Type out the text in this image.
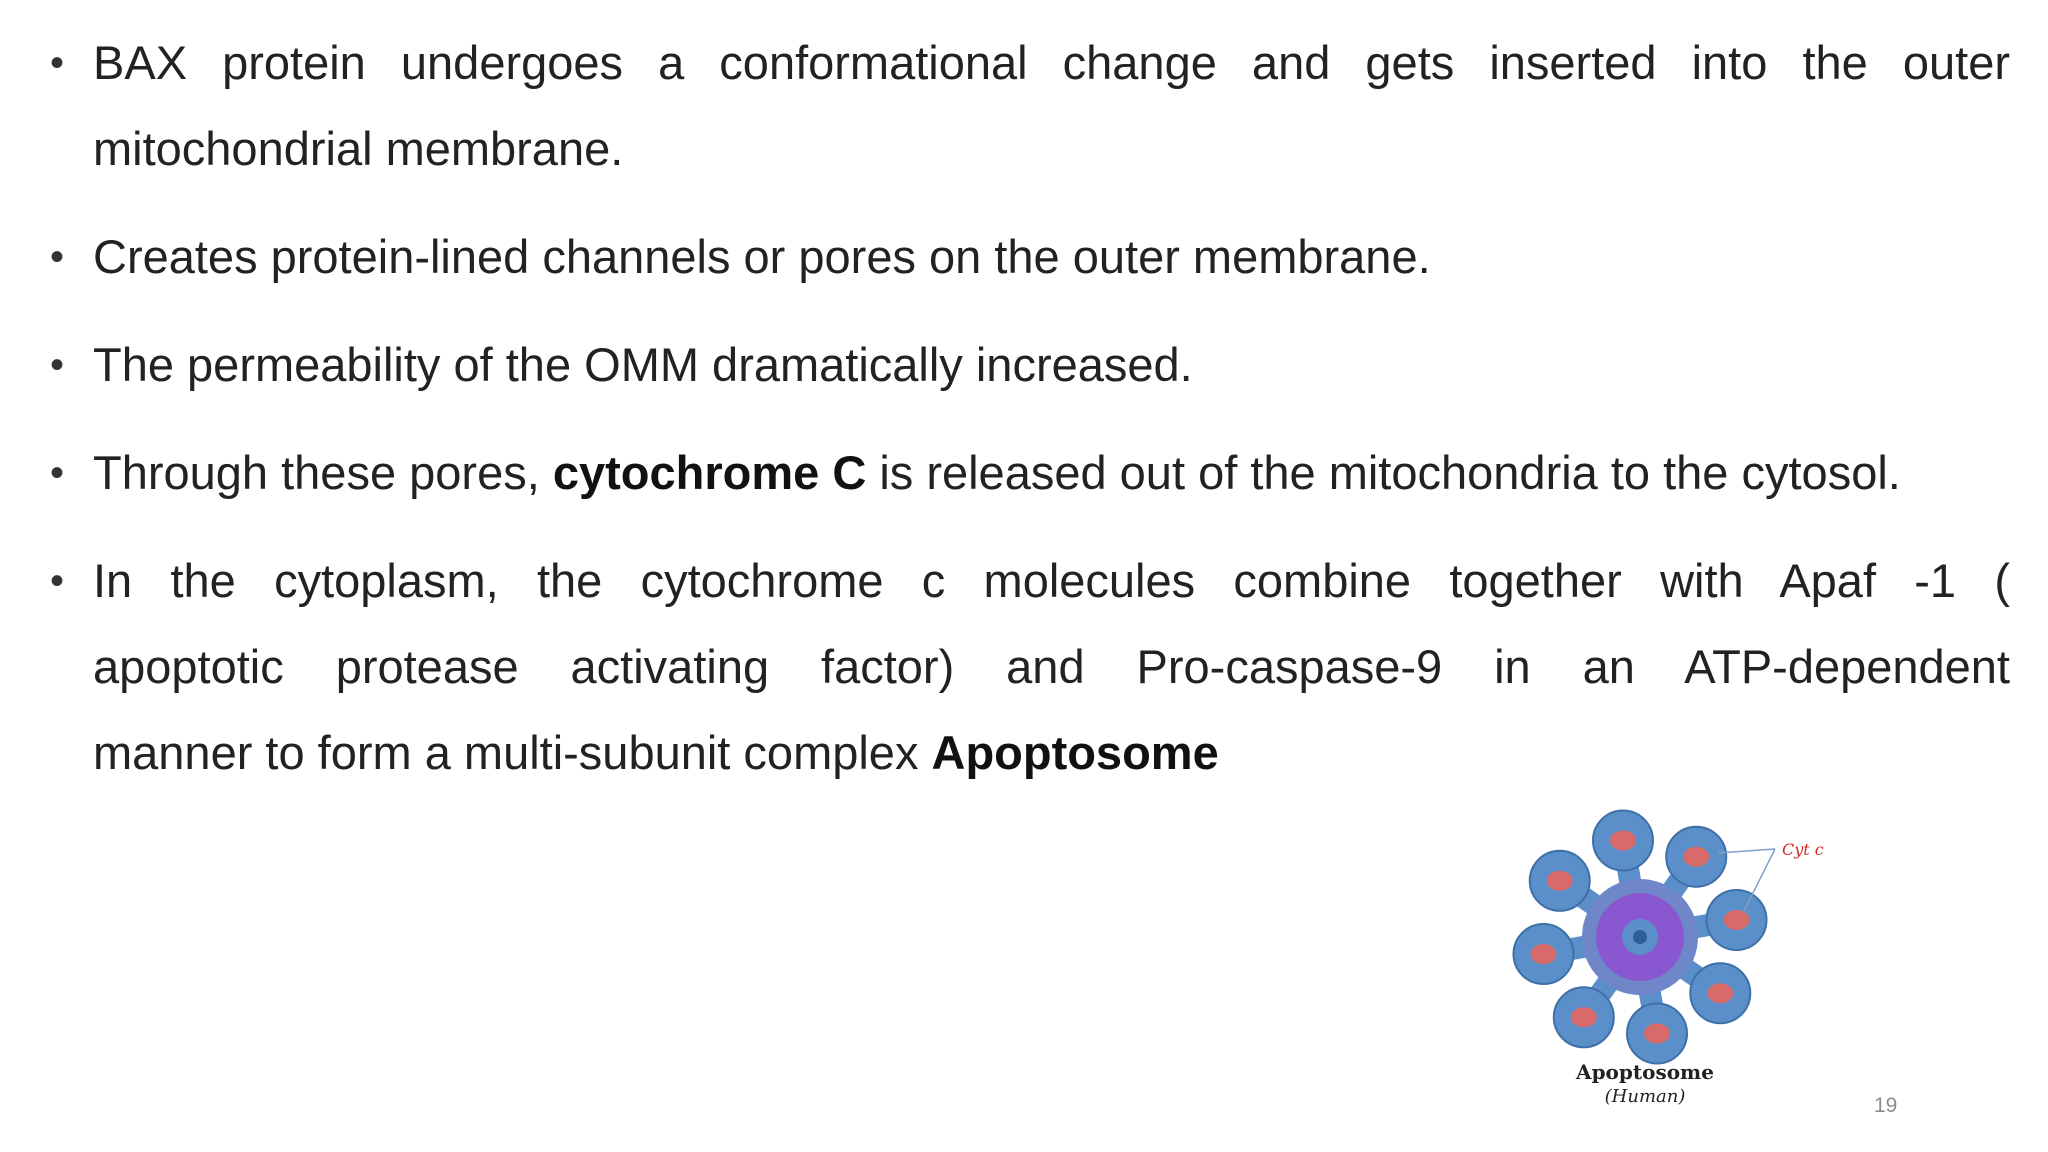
• BAX protein undergoes a conformational change and gets inserted into the outer mitochondrial membrane.
• Creates protein-lined channels or pores on the outer membrane.
• The permeability of the OMM dramatically increased.
• Through these pores, cytochrome C is released out of the mitochondria to the cytosol.
• In the cytoplasm, the cytochrome c molecules combine together with Apaf -1 (
apoptotic protease activating factor) and Pro-caspase-9 in an ATP-dependent
manner to form a multi-subunit complex Apoptosome
Cyt c
Apoptosome
(Human)	19
